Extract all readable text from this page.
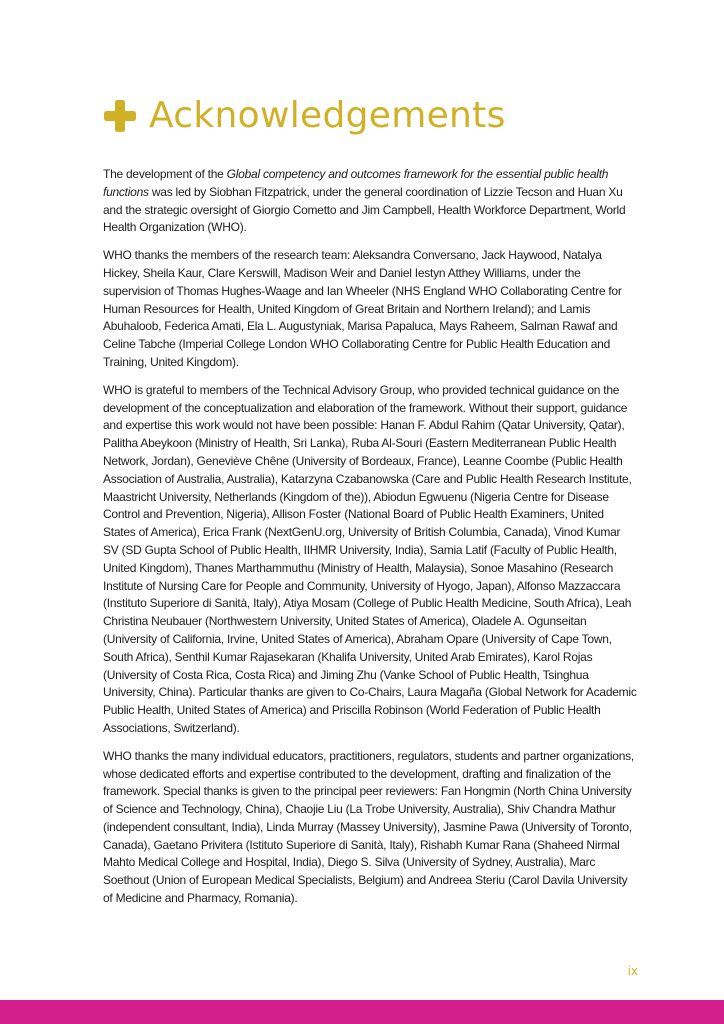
Acknowledgements

The development of the Global competency and outcomes framework for the essential public health functions was led by Siobhan Fitzpatrick, under the general coordination of Lizzie Tecson and Huan Xu and the strategic oversight of Giorgio Cometto and Jim Campbell, Health Workforce Department, World Health Organization (WHO).

WHO thanks the members of the research team: Aleksandra Conversano, Jack Haywood, Natalya Hickey, Sheila Kaur, Clare Kerswill, Madison Weir and Daniel Iestyn Atthey Williams, under the supervision of Thomas Hughes-Waage and Ian Wheeler (NHS England WHO Collaborating Centre for Human Resources for Health, United Kingdom of Great Britain and Northern Ireland); and Lamis Abuhaloob, Federica Amati, Ela L. Augustyniak, Marisa Papaluca, Mays Raheem, Salman Rawaf and Celine Tabche (Imperial College London WHO Collaborating Centre for Public Health Education and Training, United Kingdom).

WHO is grateful to members of the Technical Advisory Group, who provided technical guidance on the development of the conceptualization and elaboration of the framework. Without their support, guidance and expertise this work would not have been possible: Hanan F. Abdul Rahim (Qatar University, Qatar), Palitha Abeykoon (Ministry of Health, Sri Lanka), Ruba Al-Souri (Eastern Mediterranean Public Health Network, Jordan), Geneviève Chêne (University of Bordeaux, France), Leanne Coombe (Public Health Association of Australia, Australia), Katarzyna Czabanowska (Care and Public Health Research Institute, Maastricht University, Netherlands (Kingdom of the)), Abiodun Egwuenu (Nigeria Centre for Disease Control and Prevention, Nigeria), Allison Foster (National Board of Public Health Examiners, United States of America), Erica Frank (NextGenU.org, University of British Columbia, Canada), Vinod Kumar SV (SD Gupta School of Public Health, IIHMR University, India), Samia Latif (Faculty of Public Health, United Kingdom), Thanes Marthammuthu (Ministry of Health, Malaysia), Sonoe Masahino (Research Institute of Nursing Care for People and Community, University of Hyogo, Japan), Alfonso Mazzaccara (Instituto Superiore di Sanità, Italy), Atiya Mosam (College of Public Health Medicine, South Africa), Leah Christina Neubauer (Northwestern University, United States of America), Oladele A. Ogunseitan (University of California, Irvine, United States of America), Abraham Opare (University of Cape Town, South Africa), Senthil Kumar Rajasekaran (Khalifa University, United Arab Emirates), Karol Rojas (University of Costa Rica, Costa Rica) and Jiming Zhu (Vanke School of Public Health, Tsinghua University, China). Particular thanks are given to Co-Chairs, Laura Magaña (Global Network for Academic Public Health, United States of America) and Priscilla Robinson (World Federation of Public Health Associations, Switzerland).

WHO thanks the many individual educators, practitioners, regulators, students and partner organizations, whose dedicated efforts and expertise contributed to the development, drafting and finalization of the framework. Special thanks is given to the principal peer reviewers: Fan Hongmin (North China University of Science and Technology, China), Chaojie Liu (La Trobe University, Australia), Shiv Chandra Mathur (independent consultant, India), Linda Murray (Massey University), Jasmine Pawa (University of Toronto, Canada), Gaetano Privitera (Istituto Superiore di Sanità, Italy), Rishabh Kumar Rana (Shaheed Nirmal Mahto Medical College and Hospital, India), Diego S. Silva (University of Sydney, Australia), Marc Soethout (Union of European Medical Specialists, Belgium) and Andreea Steriu (Carol Davila University of Medicine and Pharmacy, Romania).

ix
